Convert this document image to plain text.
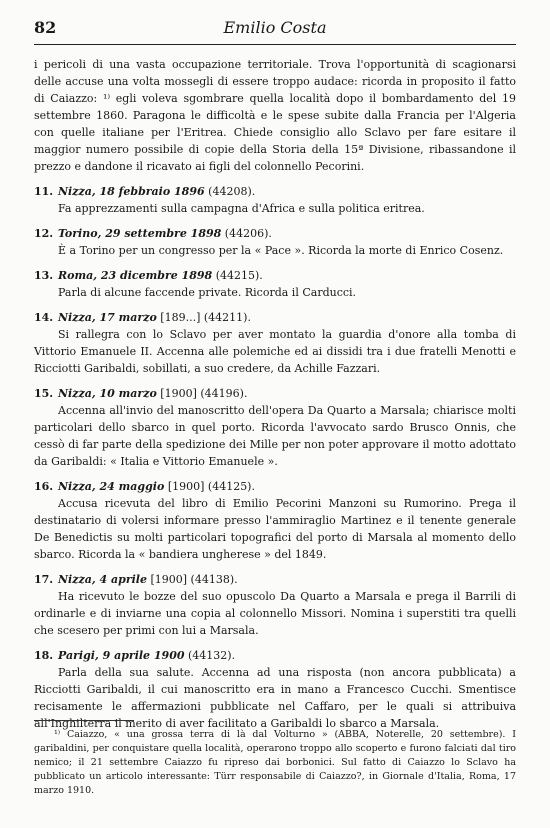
82	Emilio Costa

i pericoli di una vasta occupazione territoriale. Trova l'opportunità di scagionarsi delle accuse una volta mossegli di essere troppo audace: ricorda in proposito il fatto di Caiazzo: ¹⁾ egli voleva sgombrare quella località dopo il bombardamento del 19 settembre 1860. Paragona le difficoltà e le spese subite dalla Francia per l'Algeria con quelle italiane per l'Eritrea. Chiede consiglio allo Sclavo per fare esitare il maggior numero possibile di copie della Storia della 15ª Divisione, ribassandone il prezzo e dandone il ricavato ai figli del colonnello Pecorini.

11. Nizza, 18 febbraio 1896 (44208).

Fa apprezzamenti sulla campagna d'Africa e sulla politica eritrea.

12. Torino, 29 settembre 1898 (44206).

È a Torino per un congresso per la « Pace ». Ricorda la morte di Enrico Cosenz.

13. Roma, 23 dicembre 1898 (44215).

Parla di alcune faccende private. Ricorda il Carducci.

14. Nizza, 17 marzo [189...] (44211).

Si rallegra con lo Sclavo per aver montato la guardia d'onore alla tomba di Vittorio Emanuele II. Accenna alle polemiche ed ai dissidi tra i due fratelli Menotti e Ricciotti Garibaldi, sobillati, a suo credere, da Achille Fazzari.

15. Nizza, 10 marzo [1900] (44196).

Accenna all'invio del manoscritto dell'opera Da Quarto a Marsala; chiarisce molti particolari dello sbarco in quel porto. Ricorda l'avvocato sardo Brusco Onnis, che cessò di far parte della spedizione dei Mille per non poter approvare il motto adottato da Garibaldi: « Italia e Vittorio Emanuele ».

16. Nizza, 24 maggio [1900] (44125).

Accusa ricevuta del libro di Emilio Pecorini Manzoni su Rumorino. Prega il destinatario di volersi informare presso l'ammiraglio Martinez e il tenente generale De Benedictis su molti particolari topografici del porto di Marsala al momento dello sbarco. Ricorda la « bandiera ungherese » del 1849.

17. Nizza, 4 aprile [1900] (44138).

Ha ricevuto le bozze del suo opuscolo Da Quarto a Marsala e prega il Barrili di ordinarle e di inviarne una copia al colonnello Missori. Nomina i superstiti tra quelli che scesero per primi con lui a Marsala.

18. Parigi, 9 aprile 1900 (44132).

Parla della sua salute. Accenna ad una risposta (non ancora pubblicata) a Ricciotti Garibaldi, il cui manoscritto era in mano a Francesco Cucchi. Smentisce recisamente le affermazioni pubblicate nel Caffaro, per le quali si attribuiva all'Inghilterra il merito di aver facilitato a Garibaldi lo sbarco a Marsala.

¹⁾ Caiazzo, « una grossa terra di là dal Volturno » (ABBA, Noterelle, 20 settembre). I garibaldini, per conquistare quella località, operarono troppo allo scoperto e furono falciati dal tiro nemico; il 21 settembre Caiazzo fu ripreso dai borbonici. Sul fatto di Caiazzo lo Sclavo ha pubblicato un articolo interessante: Türr responsabile di Caiazzo?, in Giornale d'Italia, Roma, 17 marzo 1910.
